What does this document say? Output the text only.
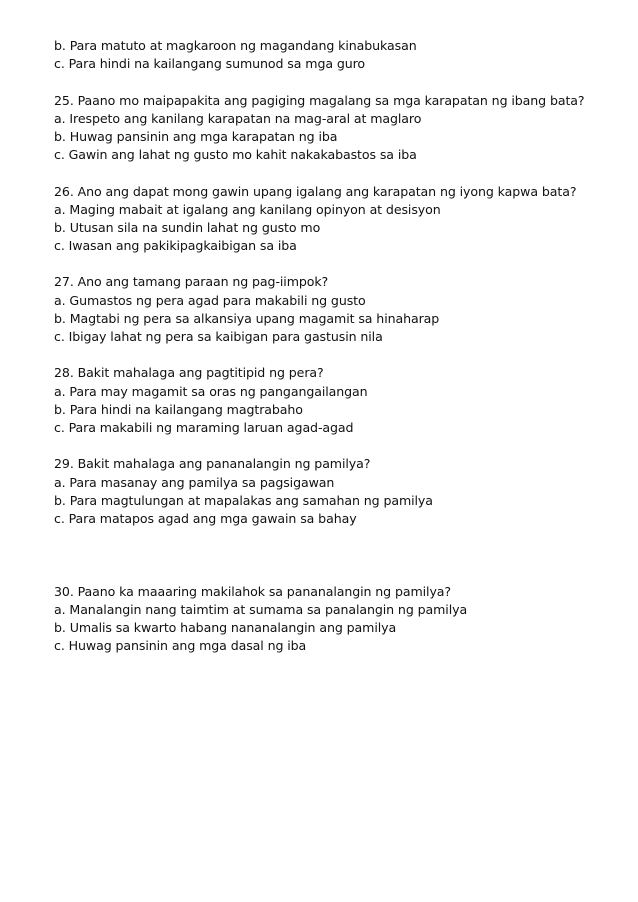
b. Para matuto at magkaroon ng magandang kinabukasan
c. Para hindi na kailangang sumunod sa mga guro
25. Paano mo maipapakita ang pagiging magalang sa mga karapatan ng ibang bata?
a. Irespeto ang kanilang karapatan na mag-aral at maglaro
b. Huwag pansinin ang mga karapatan ng iba
c. Gawin ang lahat ng gusto mo kahit nakakabastos sa iba
26. Ano ang dapat mong gawin upang igalang ang karapatan ng iyong kapwa bata?
a. Maging mabait at igalang ang kanilang opinyon at desisyon
b. Utusan sila na sundin lahat ng gusto mo
c. Iwasan ang pakikipagkaibigan sa iba
27. Ano ang tamang paraan ng pag-iimpok?
a. Gumastos ng pera agad para makabili ng gusto
b. Magtabi ng pera sa alkansiya upang magamit sa hinaharap
c. Ibigay lahat ng pera sa kaibigan para gastusin nila
28. Bakit mahalaga ang pagtitipid ng pera?
a. Para may magamit sa oras ng pangangailangan
b. Para hindi na kailangang magtrabaho
c. Para makabili ng maraming laruan agad-agad
29. Bakit mahalaga ang pananalangin ng pamilya?
a. Para masanay ang pamilya sa pagsigawan
b. Para magtulungan at mapalakas ang samahan ng pamilya
c. Para matapos agad ang mga gawain sa bahay
30. Paano ka maaaring makilahok sa pananalangin ng pamilya?
a. Manalangin nang taimtim at sumama sa panalangin ng pamilya
b. Umalis sa kwarto habang nananalangin ang pamilya
c. Huwag pansinin ang mga dasal ng iba
